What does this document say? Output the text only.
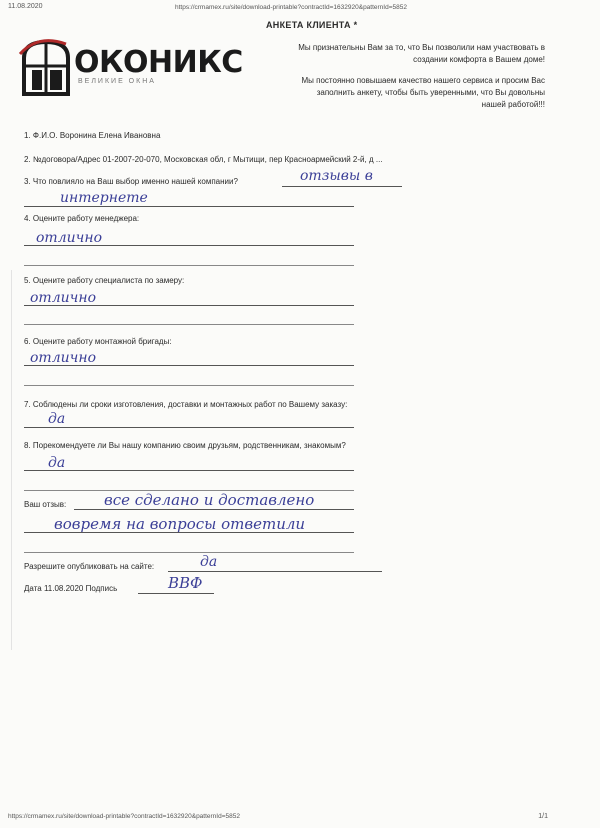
11.08.2020	https://crmamex.ru/site/download-printable?contractId=1632920&patternId=5852
АНКЕТА КЛИЕНТА *
ОКОНИКС
ВЕЛИКИЕ ОКНА
Мы признательны Вам за то, что Вы позволили нам участвовать в создании комфорта в Вашем доме!
Мы постоянно повышаем качество нашего сервиса и просим Вас заполнить анкету, чтобы быть уверенными, что Вы довольны нашей работой!!!
1. Ф.И.О. Воронина Елена Ивановна
2. №договора/Адрес 01-2007-20-070, Московская обл, г Мытищи, пер Красноармейский 2-й, д ...
3. Что повлияло на Ваш выбор именно нашей компании?	отзывы в
интернете
4. Оцените работу менеджера:
отлично
5. Оцените работу специалиста по замеру:
отлично
6. Оцените работу монтажной бригады:
отлично
7. Соблюдены ли сроки изготовления, доставки и монтажных работ по Вашему заказу:
да
8. Порекомендуете ли Вы нашу компанию своим друзьям, родственникам, знакомым?
да
Ваш отзыв:	все сделано и доставлено
вовремя на вопросы ответили
Разрешите опубликовать на сайте:	да
Дата 11.08.2020 Подпись	ВВФ
https://crmamex.ru/site/download-printable?contractId=1632920&patternId=5852	1/1
